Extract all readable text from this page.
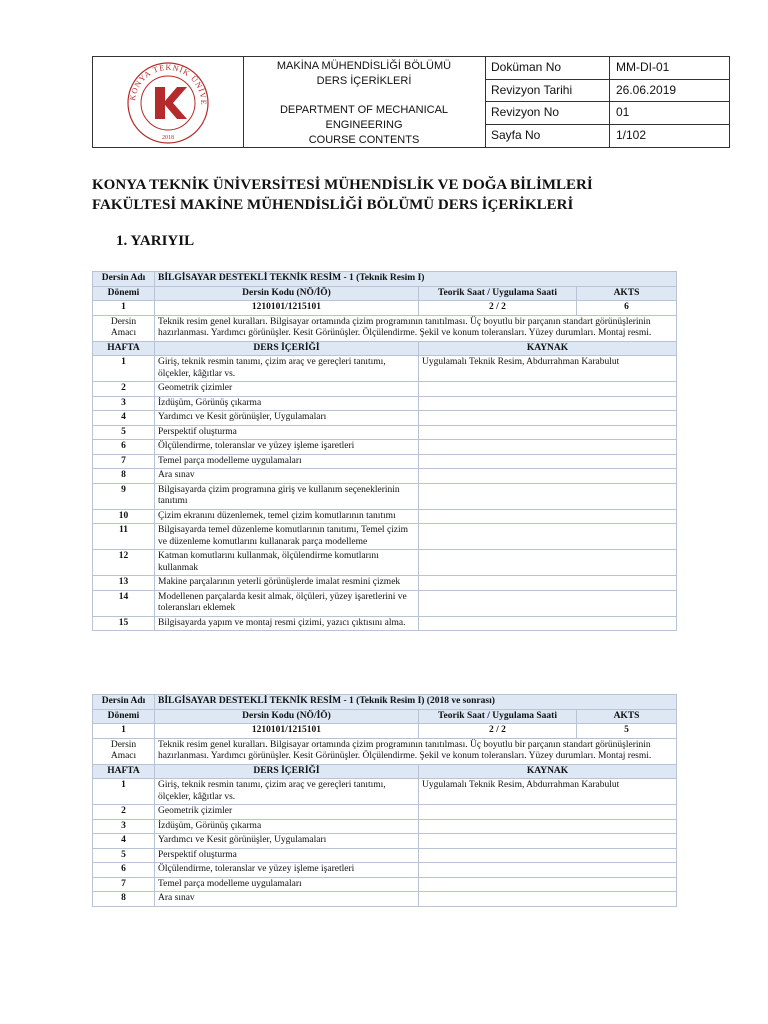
KONYA TEKNİK ÜNİVE
2018
MAKİNA MÜHENDİSLİĞİ BÖLÜMÜ
DERS İÇERİKLERİ
DEPARTMENT OF MECHANICAL
ENGINEERING
COURSE CONTENTS
Doküman No	MM-DI-01
Revizyon Tarihi	26.06.2019
Revizyon No	01
Sayfa No	1/102
KONYA TEKNİK ÜNİVERSİTESİ MÜHENDİSLİK VE DOĞA BİLİMLERİ
FAKÜLTESİ MAKİNE MÜHENDİSLİĞİ BÖLÜMÜ DERS İÇERİKLERİ
1. YARIYIL
Dersin Adı	BİLGİSAYAR DESTEKLİ TEKNİK RESİM - 1 (Teknik Resim I)		
Dönemi	Dersin Kodu (NÖ/İÖ)	Teorik Saat / Uygulama Saati	AKTS
1	1210101/1215101	2 / 2	6
Dersin
Amacı	Teknik resim genel kuralları. Bilgisayar ortamında çizim programının tanıtılması. Üç boyutlu bir parçanın standart görünüşlerinin hazırlanması. Yardımcı görünüşler. Kesit Görünüşler. Ölçülendirme. Şekil ve konum toleransları. Yüzey durumları. Montaj resmi.		
HAFTA	DERS İÇERİĞİ	KAYNAK	
1	Giriş, teknik resmin tanımı, çizim araç ve gereçleri tanıtımı, ölçekler, kâğıtlar vs.	Uygulamalı Teknik Resim, Abdurrahman Karabulut	
2	Geometrik çizimler		
3	İzdüşüm, Görünüş çıkarma		
4	Yardımcı ve Kesit görünüşler, Uygulamaları		
5	Perspektif oluşturma		
6	Ölçülendirme, toleranslar ve yüzey işleme işaretleri		
7	Temel parça modelleme uygulamaları		
8	Ara sınav		
9	Bilgisayarda çizim programına giriş ve kullanım seçeneklerinin tanıtımı		
10	Çizim ekranını düzenlemek, temel çizim komutlarının tanıtımı		
11	Bilgisayarda temel düzenleme komutlarının tanıtımı, Temel çizim ve düzenleme komutlarını kullanarak parça modelleme		
12	Katman komutlarını kullanmak, ölçülendirme komutlarını kullanmak		
13	Makine parçalarının yeterli görünüşlerde imalat resmini çizmek		
14	Modellenen parçalarda kesit almak, ölçüleri, yüzey işaretlerini ve toleransları eklemek		
15	Bilgisayarda yapım ve montaj resmi çizimi, yazıcı çıktısını alma.		
Dersin Adı	BİLGİSAYAR DESTEKLİ TEKNİK RESİM - 1 (Teknik Resim I) (2018 ve sonrası)		
Dönemi	Dersin Kodu (NÖ/İÖ)	Teorik Saat / Uygulama Saati	AKTS
1	1210101/1215101	2 / 2	5
Dersin
Amacı	Teknik resim genel kuralları. Bilgisayar ortamında çizim programının tanıtılması. Üç boyutlu bir parçanın standart görünüşlerinin hazırlanması. Yardımcı görünüşler. Kesit Görünüşler. Ölçülendirme. Şekil ve konum toleransları. Yüzey durumları. Montaj resmi.		
HAFTA	DERS İÇERİĞİ	KAYNAK	
1	Giriş, teknik resmin tanımı, çizim araç ve gereçleri tanıtımı, ölçekler, kâğıtlar vs.	Uygulamalı Teknik Resim, Abdurrahman Karabulut	
2	Geometrik çizimler		
3	İzdüşüm, Görünüş çıkarma		
4	Yardımcı ve Kesit görünüşler, Uygulamaları		
5	Perspektif oluşturma		
6	Ölçülendirme, toleranslar ve yüzey işleme işaretleri		
7	Temel parça modelleme uygulamaları		
8	Ara sınav		
